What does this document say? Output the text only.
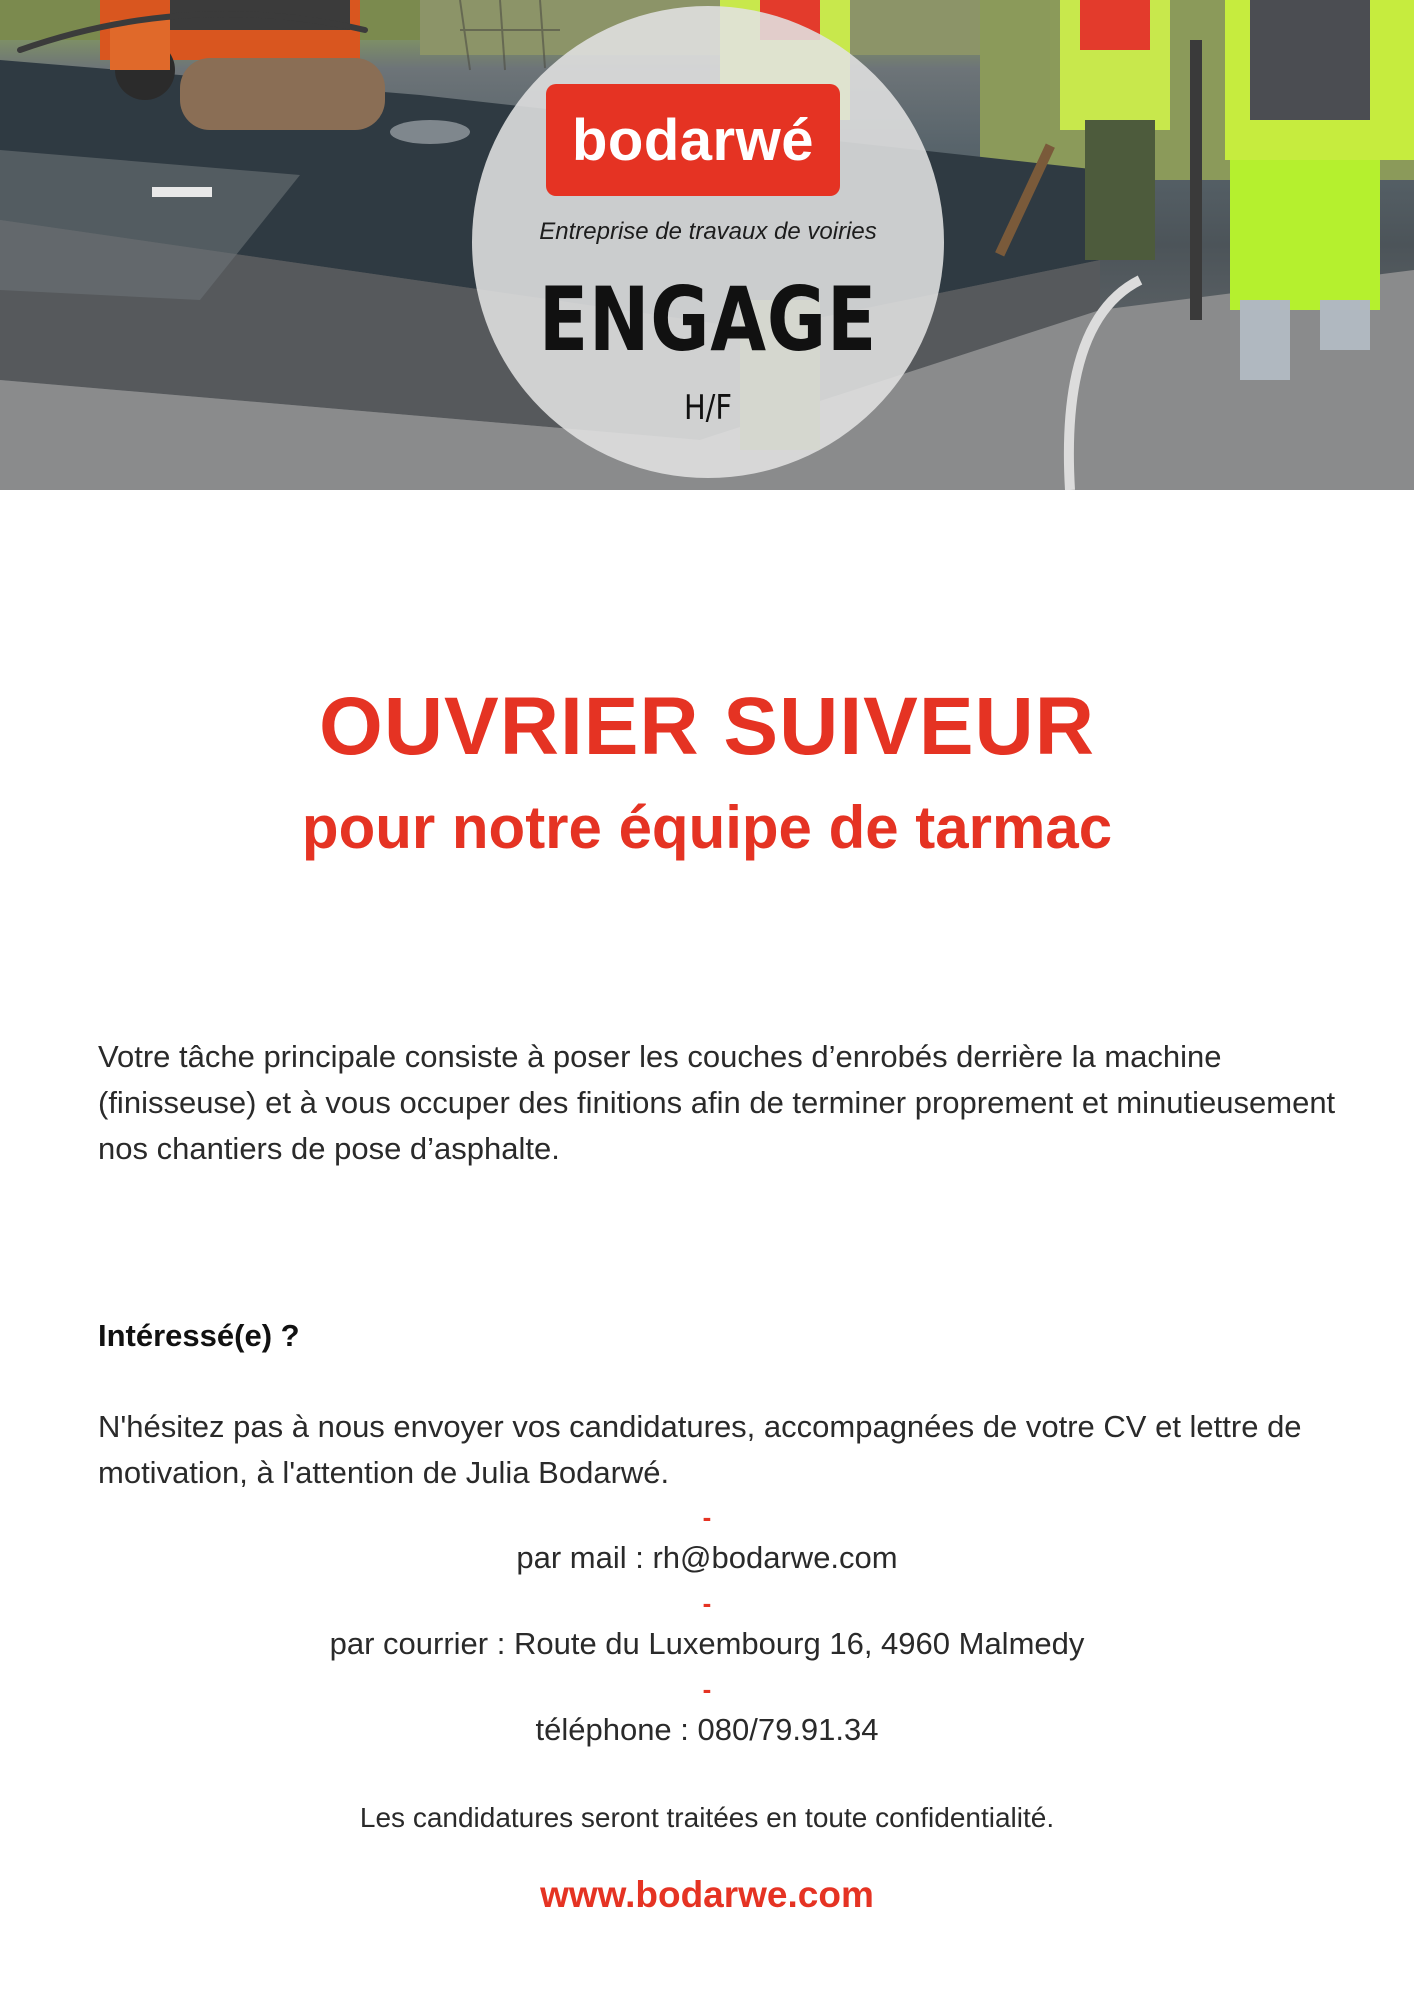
bodarwé
Entreprise de travaux de voiries
ENGAGE
H/F
OUVRIER SUIVEUR
pour notre équipe de tarmac
Votre tâche principale consiste à poser les couches d’enrobés derrière la machine (finisseuse) et à vous occuper des finitions afin de terminer proprement et minutieusement nos chantiers de pose d’asphalte.
Intéressé(e) ?
N'hésitez pas à nous envoyer vos candidatures, accompagnées de votre CV et lettre de motivation, à l'attention de Julia Bodarwé.
-
par mail : rh@bodarwe.com
-
par courrier : Route du Luxembourg 16, 4960 Malmedy
-
téléphone : 080/79.91.34
Les candidatures seront traitées en toute confidentialité.
www.bodarwe.com
